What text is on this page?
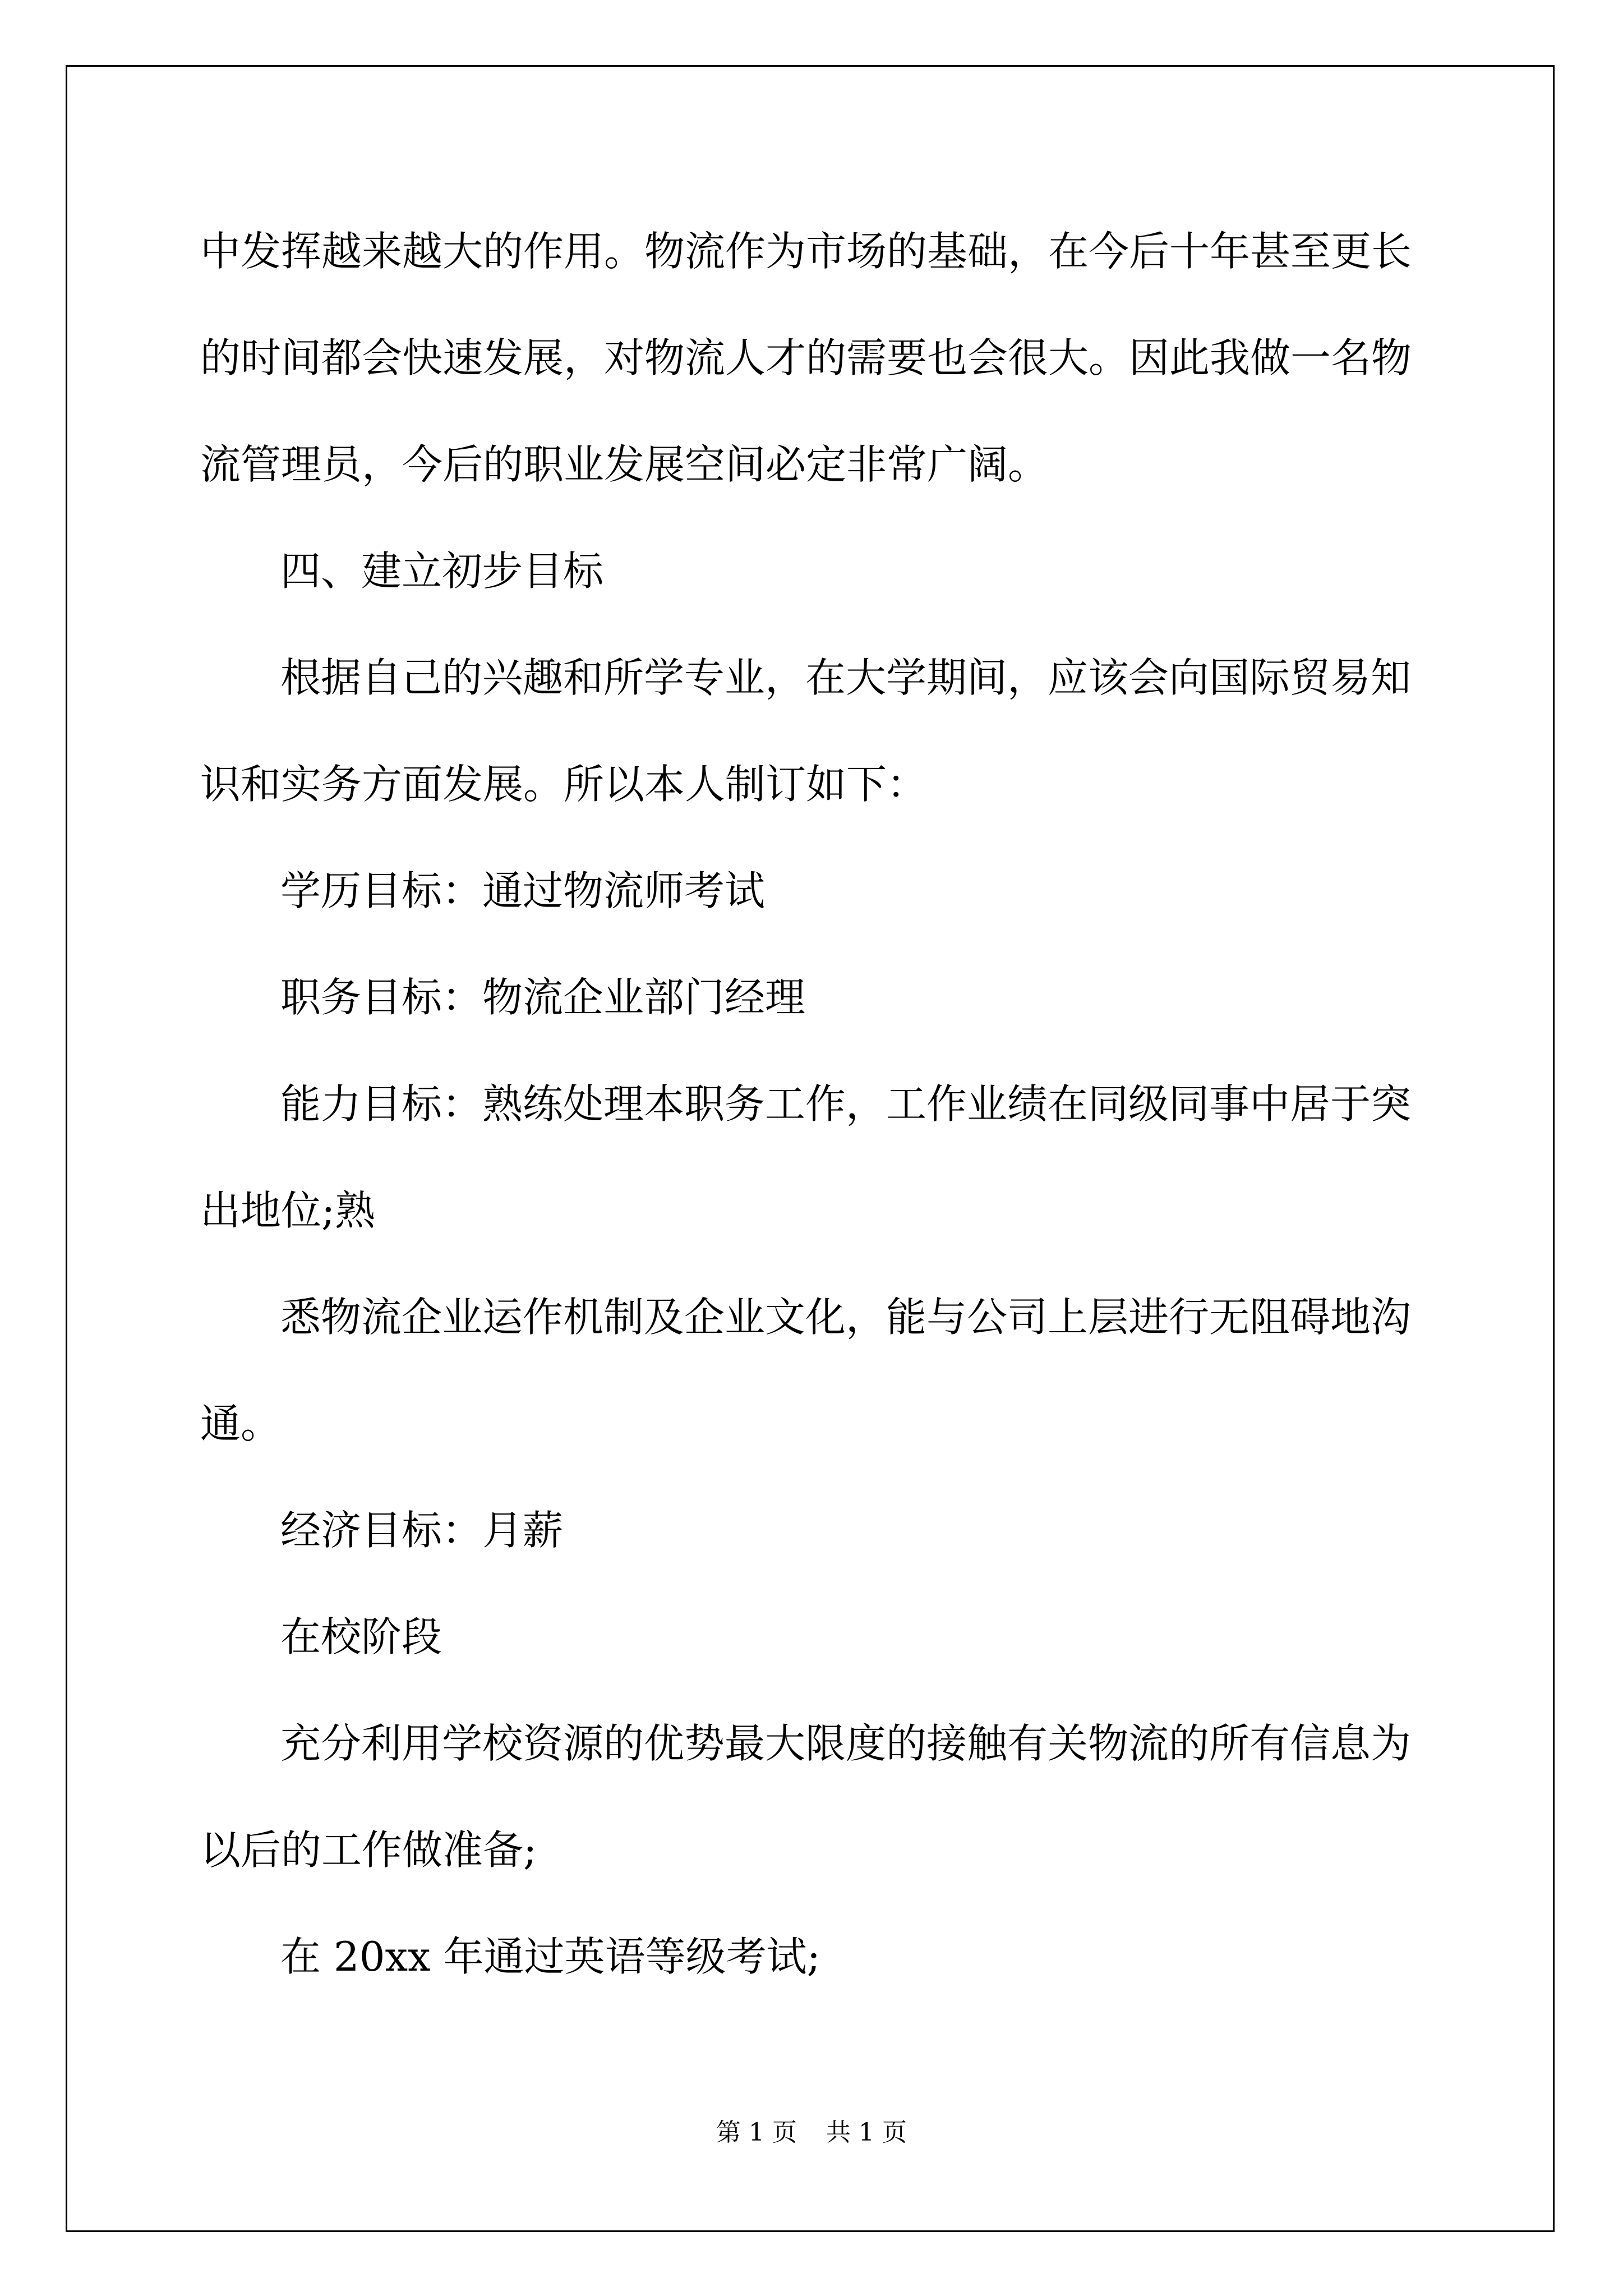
中发挥越来越大的作用。物流作为市场的基础，在今后十年甚至更长

的时间都会快速发展，对物流人才的需要也会很大。因此我做一名物

流管理员，今后的职业发展空间必定非常广阔。

四、建立初步目标

根据自己的兴趣和所学专业，在大学期间，应该会向国际贸易知

识和实务方面发展。所以本人制订如下：

学历目标：通过物流师考试

职务目标：物流企业部门经理

能力目标：熟练处理本职务工作，工作业绩在同级同事中居于突

出地位;熟

悉物流企业运作机制及企业文化，能与公司上层进行无阻碍地沟

通。

经济目标：月薪

在校阶段

充分利用学校资源的优势最大限度的接触有关物流的所有信息为

以后的工作做准备;

在 20xx 年通过英语等级考试;

第 1 页 共 1 页
